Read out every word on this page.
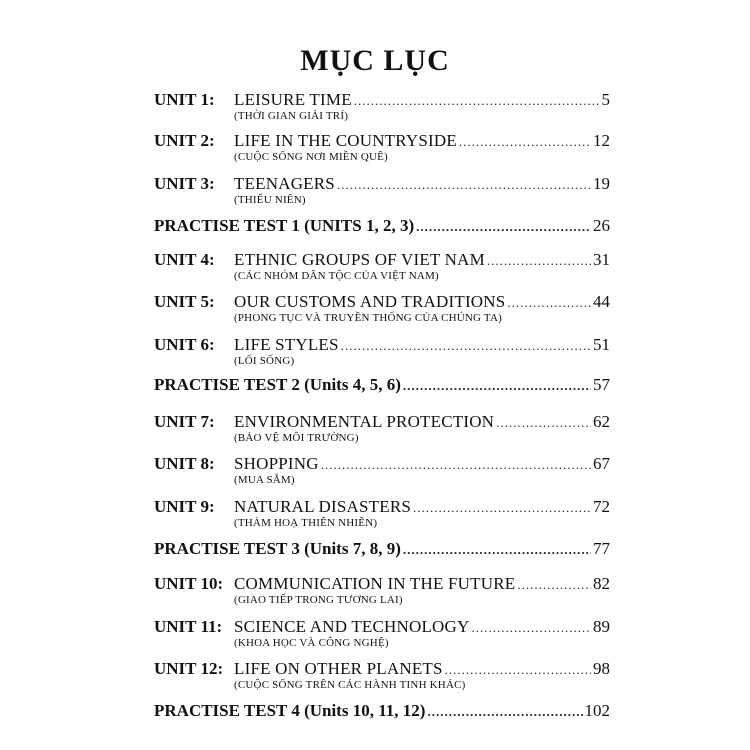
MỤC LỤC
UNIT 1:	LEISURE TIME .....	5
(THỜI GIAN GIẢI TRÍ)
UNIT 2:	LIFE IN THE COUNTRYSIDE .....	12
(CUỘC SỐNG NƠI MIỀN QUÊ)
UNIT 3:	TEENAGERS .....	19
(THIẾU NIÊN)
PRACTISE TEST 1 (UNITS 1, 2, 3) .....	26
UNIT 4:	ETHNIC GROUPS OF VIET NAM .....	31
(CÁC NHÓM DÂN TỘC CỦA VIỆT NAM)
UNIT 5:	OUR CUSTOMS AND TRADITIONS .....	44
(PHONG TỤC VÀ TRUYỀN THỐNG CỦA CHÚNG TA)
UNIT 6:	LIFE STYLES .....	51
(LỐI SỐNG)
PRACTISE TEST 2 (Units 4, 5, 6) .....	57
UNIT 7:	ENVIRONMENTAL PROTECTION .....	62
(BẢO VỆ MÔI TRƯỜNG)
UNIT 8:	SHOPPING .....	67
(MUA SẮM)
UNIT 9:	NATURAL DISASTERS .....	72
(THẢM HOẠ THIÊN NHIÊN)
PRACTISE TEST 3 (Units 7, 8, 9) .....	77
UNIT 10: COMMUNICATION IN THE FUTURE .....	82
(GIAO TIẾP TRONG TƯƠNG LAI)
UNIT 11: SCIENCE AND TECHNOLOGY .....	89
(KHOA HỌC VÀ CÔNG NGHỆ)
UNIT 12: LIFE ON OTHER PLANETS .....	98
(CUỘC SỐNG TRÊN CÁC HÀNH TINH KHÁC)
PRACTISE TEST 4 (Units 10, 11, 12) .....	102
